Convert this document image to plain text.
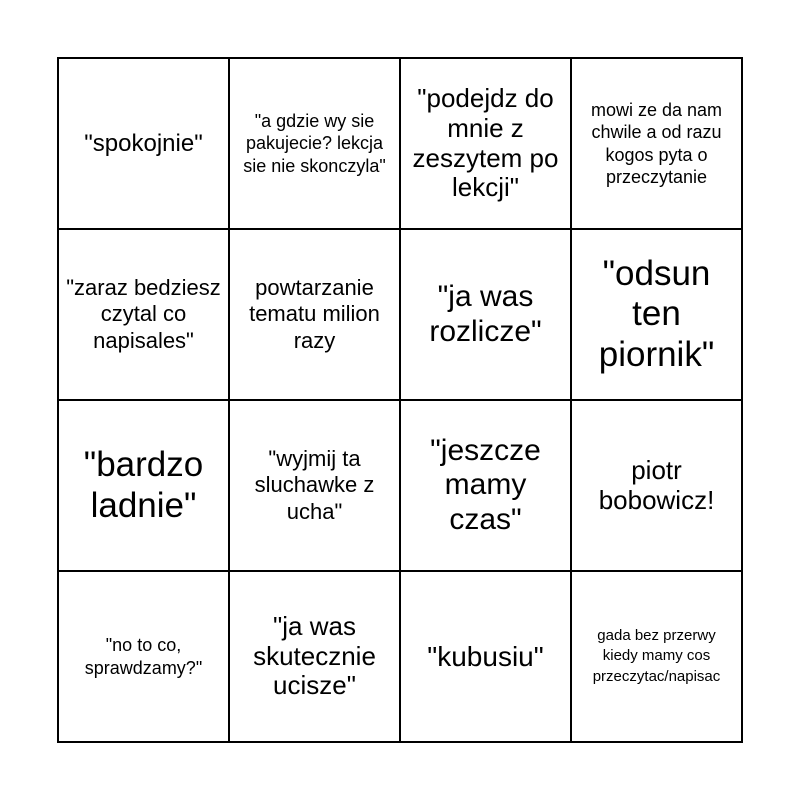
"spokojnie"
"a gdzie wy sie pakujecie? lekcja sie nie skonczyla"
"podejdz do mnie z zeszytem po lekcji"
mowi ze da nam chwile a od razu kogos pyta o przeczytanie
"zaraz bedziesz czytal co napisales"
powtarzanie tematu milion razy
"ja was rozlicze"
"odsun ten piornik"
"bardzo ladnie"
"wyjmij ta sluchawke z ucha"
"jeszcze mamy czas"
piotr bobowicz!
"no to co, sprawdzamy?"
"ja was skutecznie ucisze"
"kubusiu"
gada bez przerwy kiedy mamy cos przeczytac/napisac
